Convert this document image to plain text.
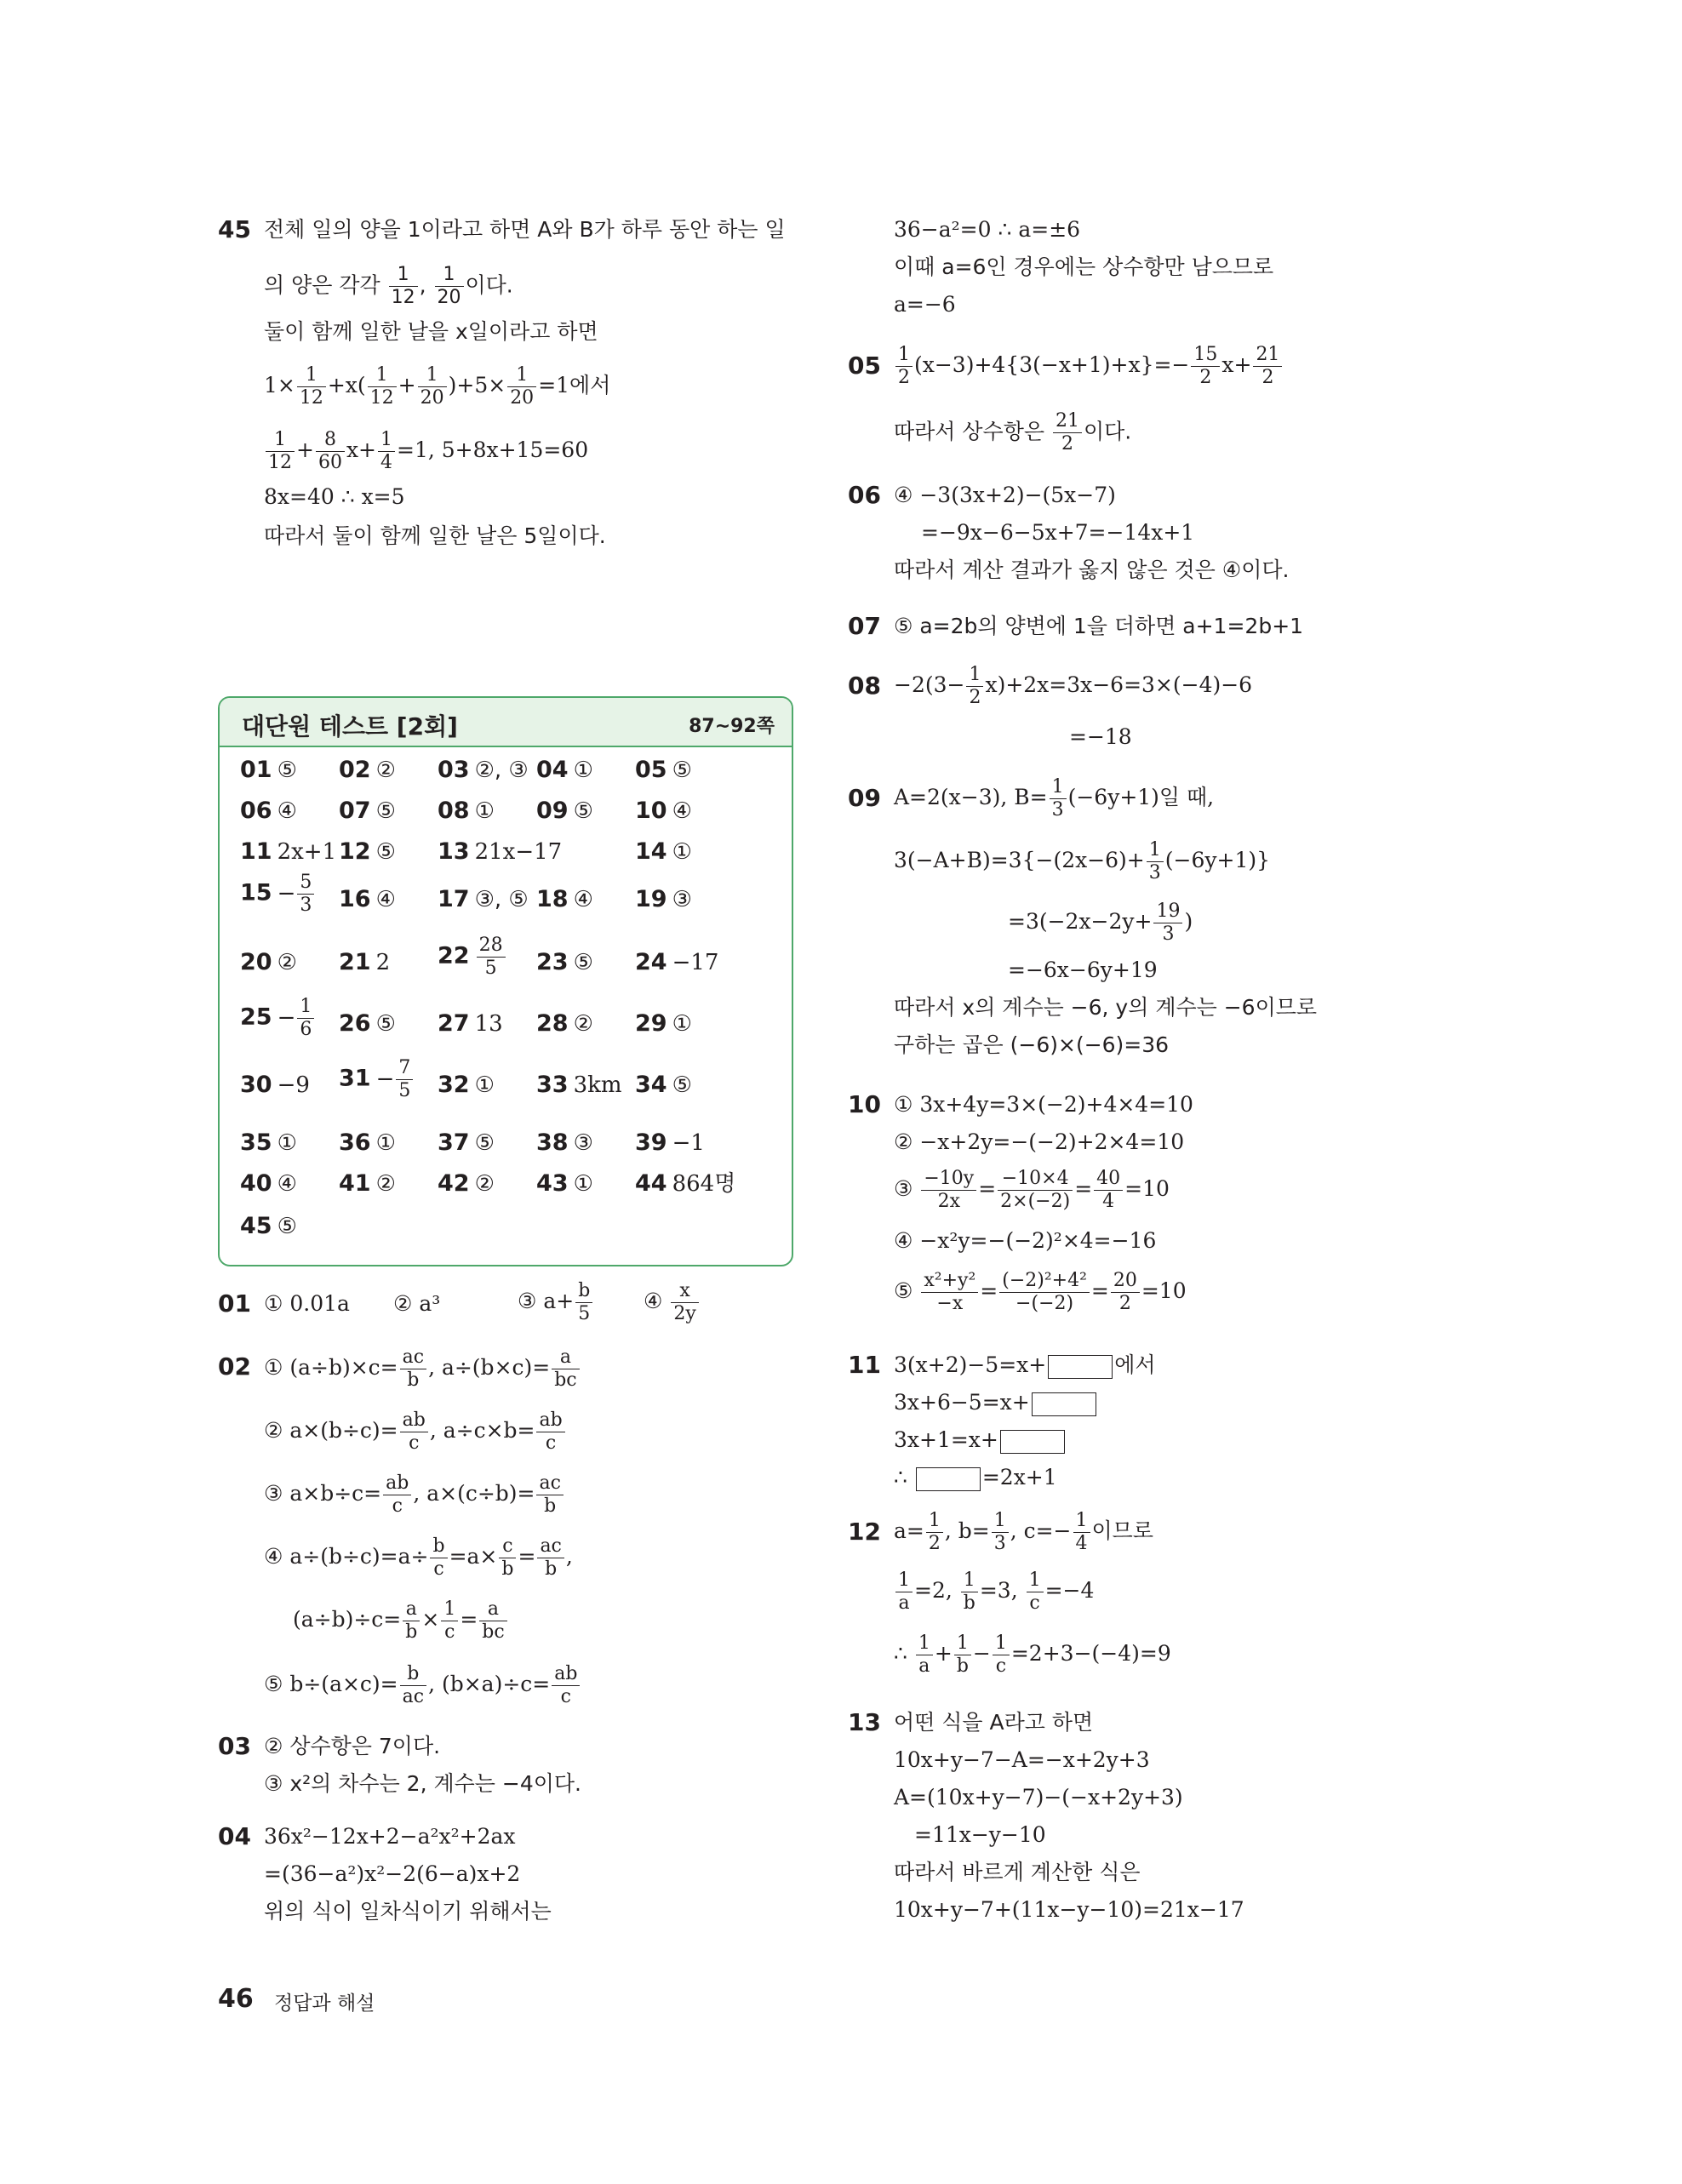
45 전체 일의 양을 1이라고 하면 A와 B가 하루 동안 하는 일
의 양은 각각 $\frac{1}{12}$ , $\frac{1}{20}$ 이다.
둘이 함께 일한 날을 x일이라고 하면
$1\times \frac{1}{12} +x( \frac{1}{12} + \frac{1}{20} )+5\times \frac{1}{20} =1$에서
$\frac{1}{12} + \frac{8}{60} x+ \frac{1}{4} =1$, 5+8x+15=60
8x=40 ∴ x=5
따라서 둘이 함께 일한 날은 5일이다.
대단원 테스트 [2회]	87~92쪽
01 ⑤ 02 ② 03 ②, ③ 04 ① 05 ⑤
06 ④ 07 ⑤ 08 ① 09 ⑤ 10 ④
11 2x+1 12 ⑤ 13 21x−17	14 ①
$15 - \frac{5}{3} 16$ ④ 17 ③, ⑤ 18 ④ 19 ③
20 ② 21 2 $22 \frac{28}{5} 23$ ⑤ 24 −17
$25 - \frac{1}{6} 26$ ⑤ 27 13 28 ② 29 ①
30 −9 $31 - \frac{7}{5} 32$ ① 33 3km 34 ⑤
35 ① 36 ① 37 ⑤ 38 ③ 39 −1
40 ④ 41 ② 42 ② 43 ① 44 864명
45 ⑤
01 ① 0.01a ② a³	③ $a+ \frac{b}{5}$ ④ $\frac{x}{2y}$
02 ① $(a\div b)\times c= \frac{ac}{b}$ , $a\div(b\times c)= \frac{a}{bc}$
② $a\times(b\div c)= \frac{ab}{c}$ , $a\div c\times b= \frac{ab}{c}$
③ $a\times b\div c= \frac{ab}{c}$ , $a\times(c\div b)= \frac{ac}{b}$
④ $a\div(b\div c)=a\div \frac{b}{c} =a\times \frac{c}{b} = \frac{ac}{b}$ ,
$(a\div b)\div c= \frac{a}{b} \times \frac{1}{c} = \frac{a}{bc}$
⑤ $b\div(a\times c)= \frac{b}{ac}$ , $(b\times a)\div c= \frac{ab}{c}$
03 ② 상수항은 7이다.
③ x²의 차수는 2, 계수는 −4이다.
04 36x²−12x+2−a²x²+2ax
=(36−a²)x²−2(6−a)x+2
위의 식이 일차식이기 위해서는
36−a²=0 ∴ a=±6
이때 a=6인 경우에는 상수항만 남으므로
a=−6
$05 \frac{1}{2} (x-3)+4\{3(-x+1)+x\}=- \frac{15}{2} x+ \frac{21}{2}$
따라서 상수항은 $\frac{21}{2}$ 이다.
06 ④ −3(3x+2)−(5x−7)
=−9x−6−5x+7=−14x+1
따라서 계산 결과가 옳지 않은 것은 ④이다.
07 ⑤ a=2b의 양변에 1을 더하면 a+1=2b+1
$08 -2(3- \frac{1}{2} x)+2x=3x-6=3\times(-4)-6$
=−18
09 A=2(x−3), $B= \frac{1}{3} (-6y+1)$일 때,
$3(-A+B)=3\{-(2x-6)+ \frac{1}{3} (-6y+1)\}$
$=3(-2x-2y+ \frac{19}{3}$ )
=−6x−6y+19
따라서 x의 계수는 −6, y의 계수는 −6이므로
구하는 곱은 (−6)×(−6)=36
10 ① 3x+4y=3×(−2)+4×4=10
② −x+2y=−(−2)+2×4=10
③ $\frac{-10y}{2x} = \frac{-10\times 4}{2\times(-2)} = \frac{40}{4} =10$
④ −x²y=−(−2)²×4=−16
⑤ $\frac{\text{x²+y²}}{-x} = \frac{\text{(−2)²+4²}}{-(-2)} = \frac{20}{2} =10$
11 3(x+2)−5=x+	에서
3x+6−5=x+
3x+1=x+
∴	=2x+1
12 $a= \frac{1}{2}$ , $b= \frac{1}{3}$ , $c=- \frac{1}{4}$ 이므로
$\frac{1}{a} =2$, $\frac{1}{b} =3$, $\frac{1}{c} =-4$
∴ $\frac{1}{a} + \frac{1}{b} - \frac{1}{c} =2+3-(-4)=9$
13 어떤 식을 A라고 하면
10x+y−7−A=−x+2y+3
A=(10x+y−7)−(−x+2y+3)
=11x−y−10
따라서 바르게 계산한 식은
10x+y−7+(11x−y−10)=21x−17
46 정답과 해설
